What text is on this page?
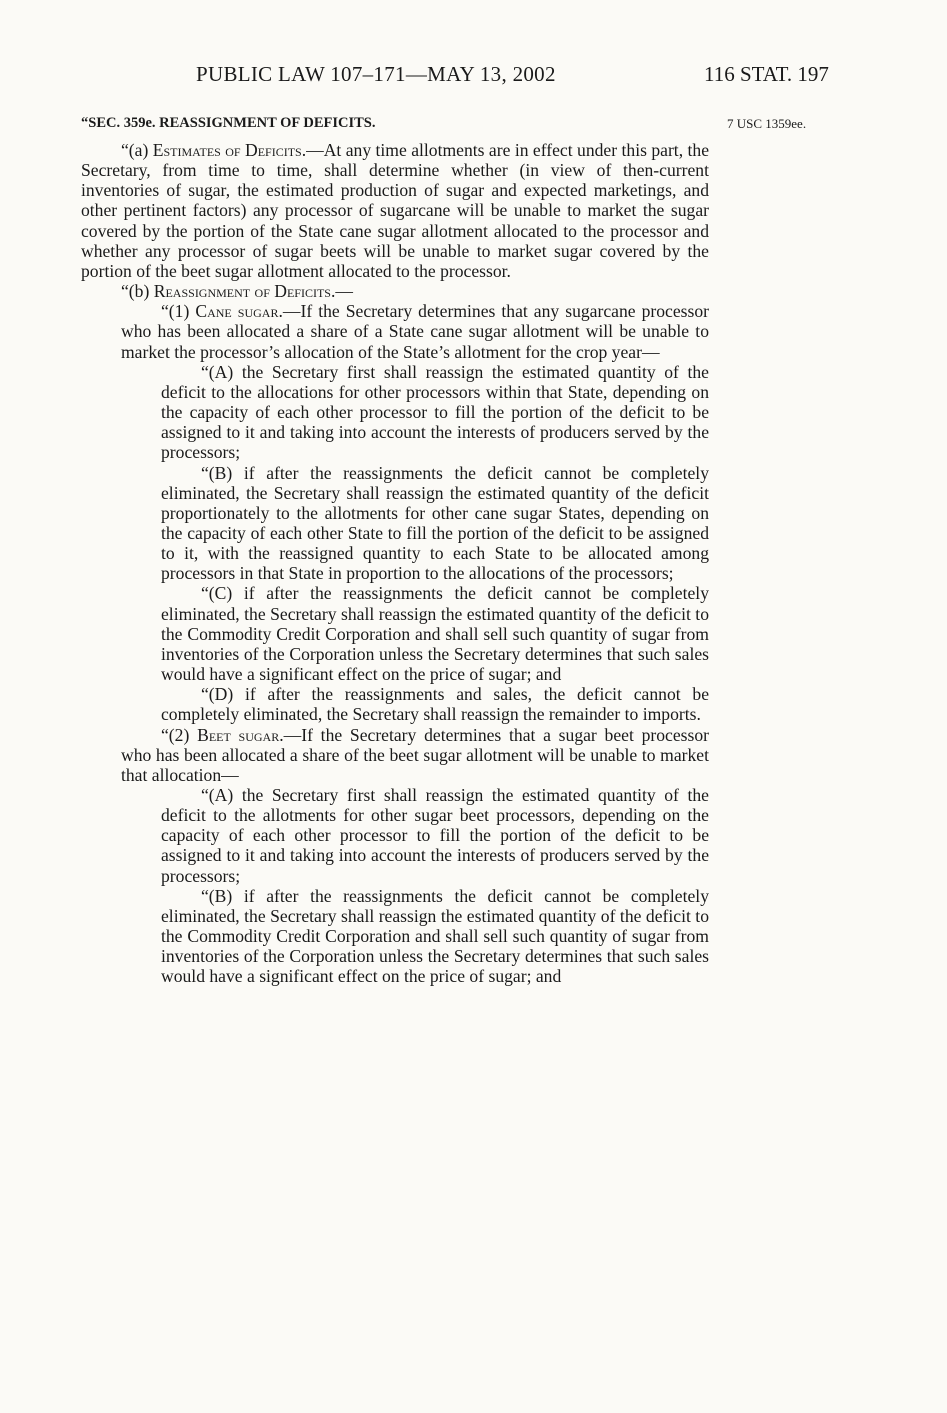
PUBLIC LAW 107–171—MAY 13, 2002	116 STAT. 197
“SEC. 359e. REASSIGNMENT OF DEFICITS.	7 USC 1359ee.

“(a) Estimates of Deficits.—At any time allotments are in effect under this part, the Secretary, from time to time, shall determine whether (in view of then-current inventories of sugar, the estimated production of sugar and expected marketings, and other pertinent factors) any processor of sugarcane will be unable to market the sugar covered by the portion of the State cane sugar allotment allocated to the processor and whether any processor of sugar beets will be unable to market sugar covered by the portion of the beet sugar allotment allocated to the processor.

“(b) Reassignment of Deficits.—

“(1) Cane sugar.—If the Secretary determines that any sugarcane processor who has been allocated a share of a State cane sugar allotment will be unable to market the processor’s allocation of the State’s allotment for the crop year—

“(A) the Secretary first shall reassign the estimated quantity of the deficit to the allocations for other processors within that State, depending on the capacity of each other processor to fill the portion of the deficit to be assigned to it and taking into account the interests of producers served by the processors;

“(B) if after the reassignments the deficit cannot be completely eliminated, the Secretary shall reassign the estimated quantity of the deficit proportionately to the allotments for other cane sugar States, depending on the capacity of each other State to fill the portion of the deficit to be assigned to it, with the reassigned quantity to each State to be allocated among processors in that State in proportion to the allocations of the processors;

“(C) if after the reassignments the deficit cannot be completely eliminated, the Secretary shall reassign the estimated quantity of the deficit to the Commodity Credit Corporation and shall sell such quantity of sugar from inventories of the Corporation unless the Secretary determines that such sales would have a significant effect on the price of sugar; and

“(D) if after the reassignments and sales, the deficit cannot be completely eliminated, the Secretary shall reassign the remainder to imports.

“(2) Beet sugar.—If the Secretary determines that a sugar beet processor who has been allocated a share of the beet sugar allotment will be unable to market that allocation—

“(A) the Secretary first shall reassign the estimated quantity of the deficit to the allotments for other sugar beet processors, depending on the capacity of each other processor to fill the portion of the deficit to be assigned to it and taking into account the interests of producers served by the processors;

“(B) if after the reassignments the deficit cannot be completely eliminated, the Secretary shall reassign the estimated quantity of the deficit to the Commodity Credit Corporation and shall sell such quantity of sugar from inventories of the Corporation unless the Secretary determines that such sales would have a significant effect on the price of sugar; and
